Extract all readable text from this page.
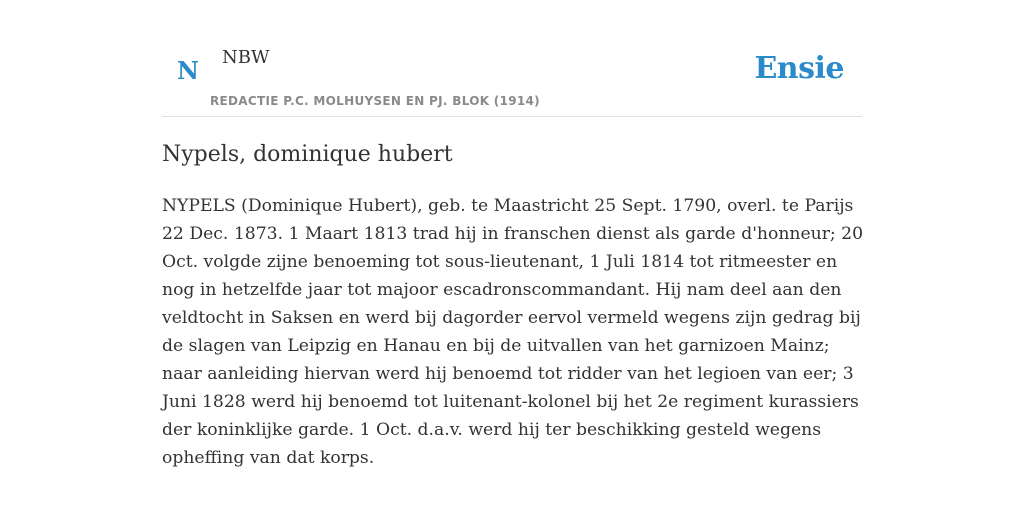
N NBW
REDACTIE P.C. MOLHUYSEN EN PJ. BLOK (1914)
Ensie
Nypels, dominique hubert

NYPELS (Dominique Hubert), geb. te Maastricht 25 Sept. 1790, overl. te Parijs 22 Dec. 1873. 1 Maart 1813 trad hij in franschen dienst als garde d'honneur; 20 Oct. volgde zijne benoeming tot sous-lieutenant, 1 Juli 1814 tot ritmeester en nog in hetzelfde jaar tot majoor escadronscommandant. Hij nam deel aan den veldtocht in Saksen en werd bij dagorder eervol vermeld wegens zijn gedrag bij de slagen van Leipzig en Hanau en bij de uitvallen van het garnizoen Mainz; naar aanleiding hiervan werd hij benoemd tot ridder van het legioen van eer; 3 Juni 1828 werd hij benoemd tot luitenant-kolonel bij het 2e regiment kurassiers der koninklijke garde. 1 Oct. d.a.v. werd hij ter beschikking gesteld wegens opheffing van dat korps.
